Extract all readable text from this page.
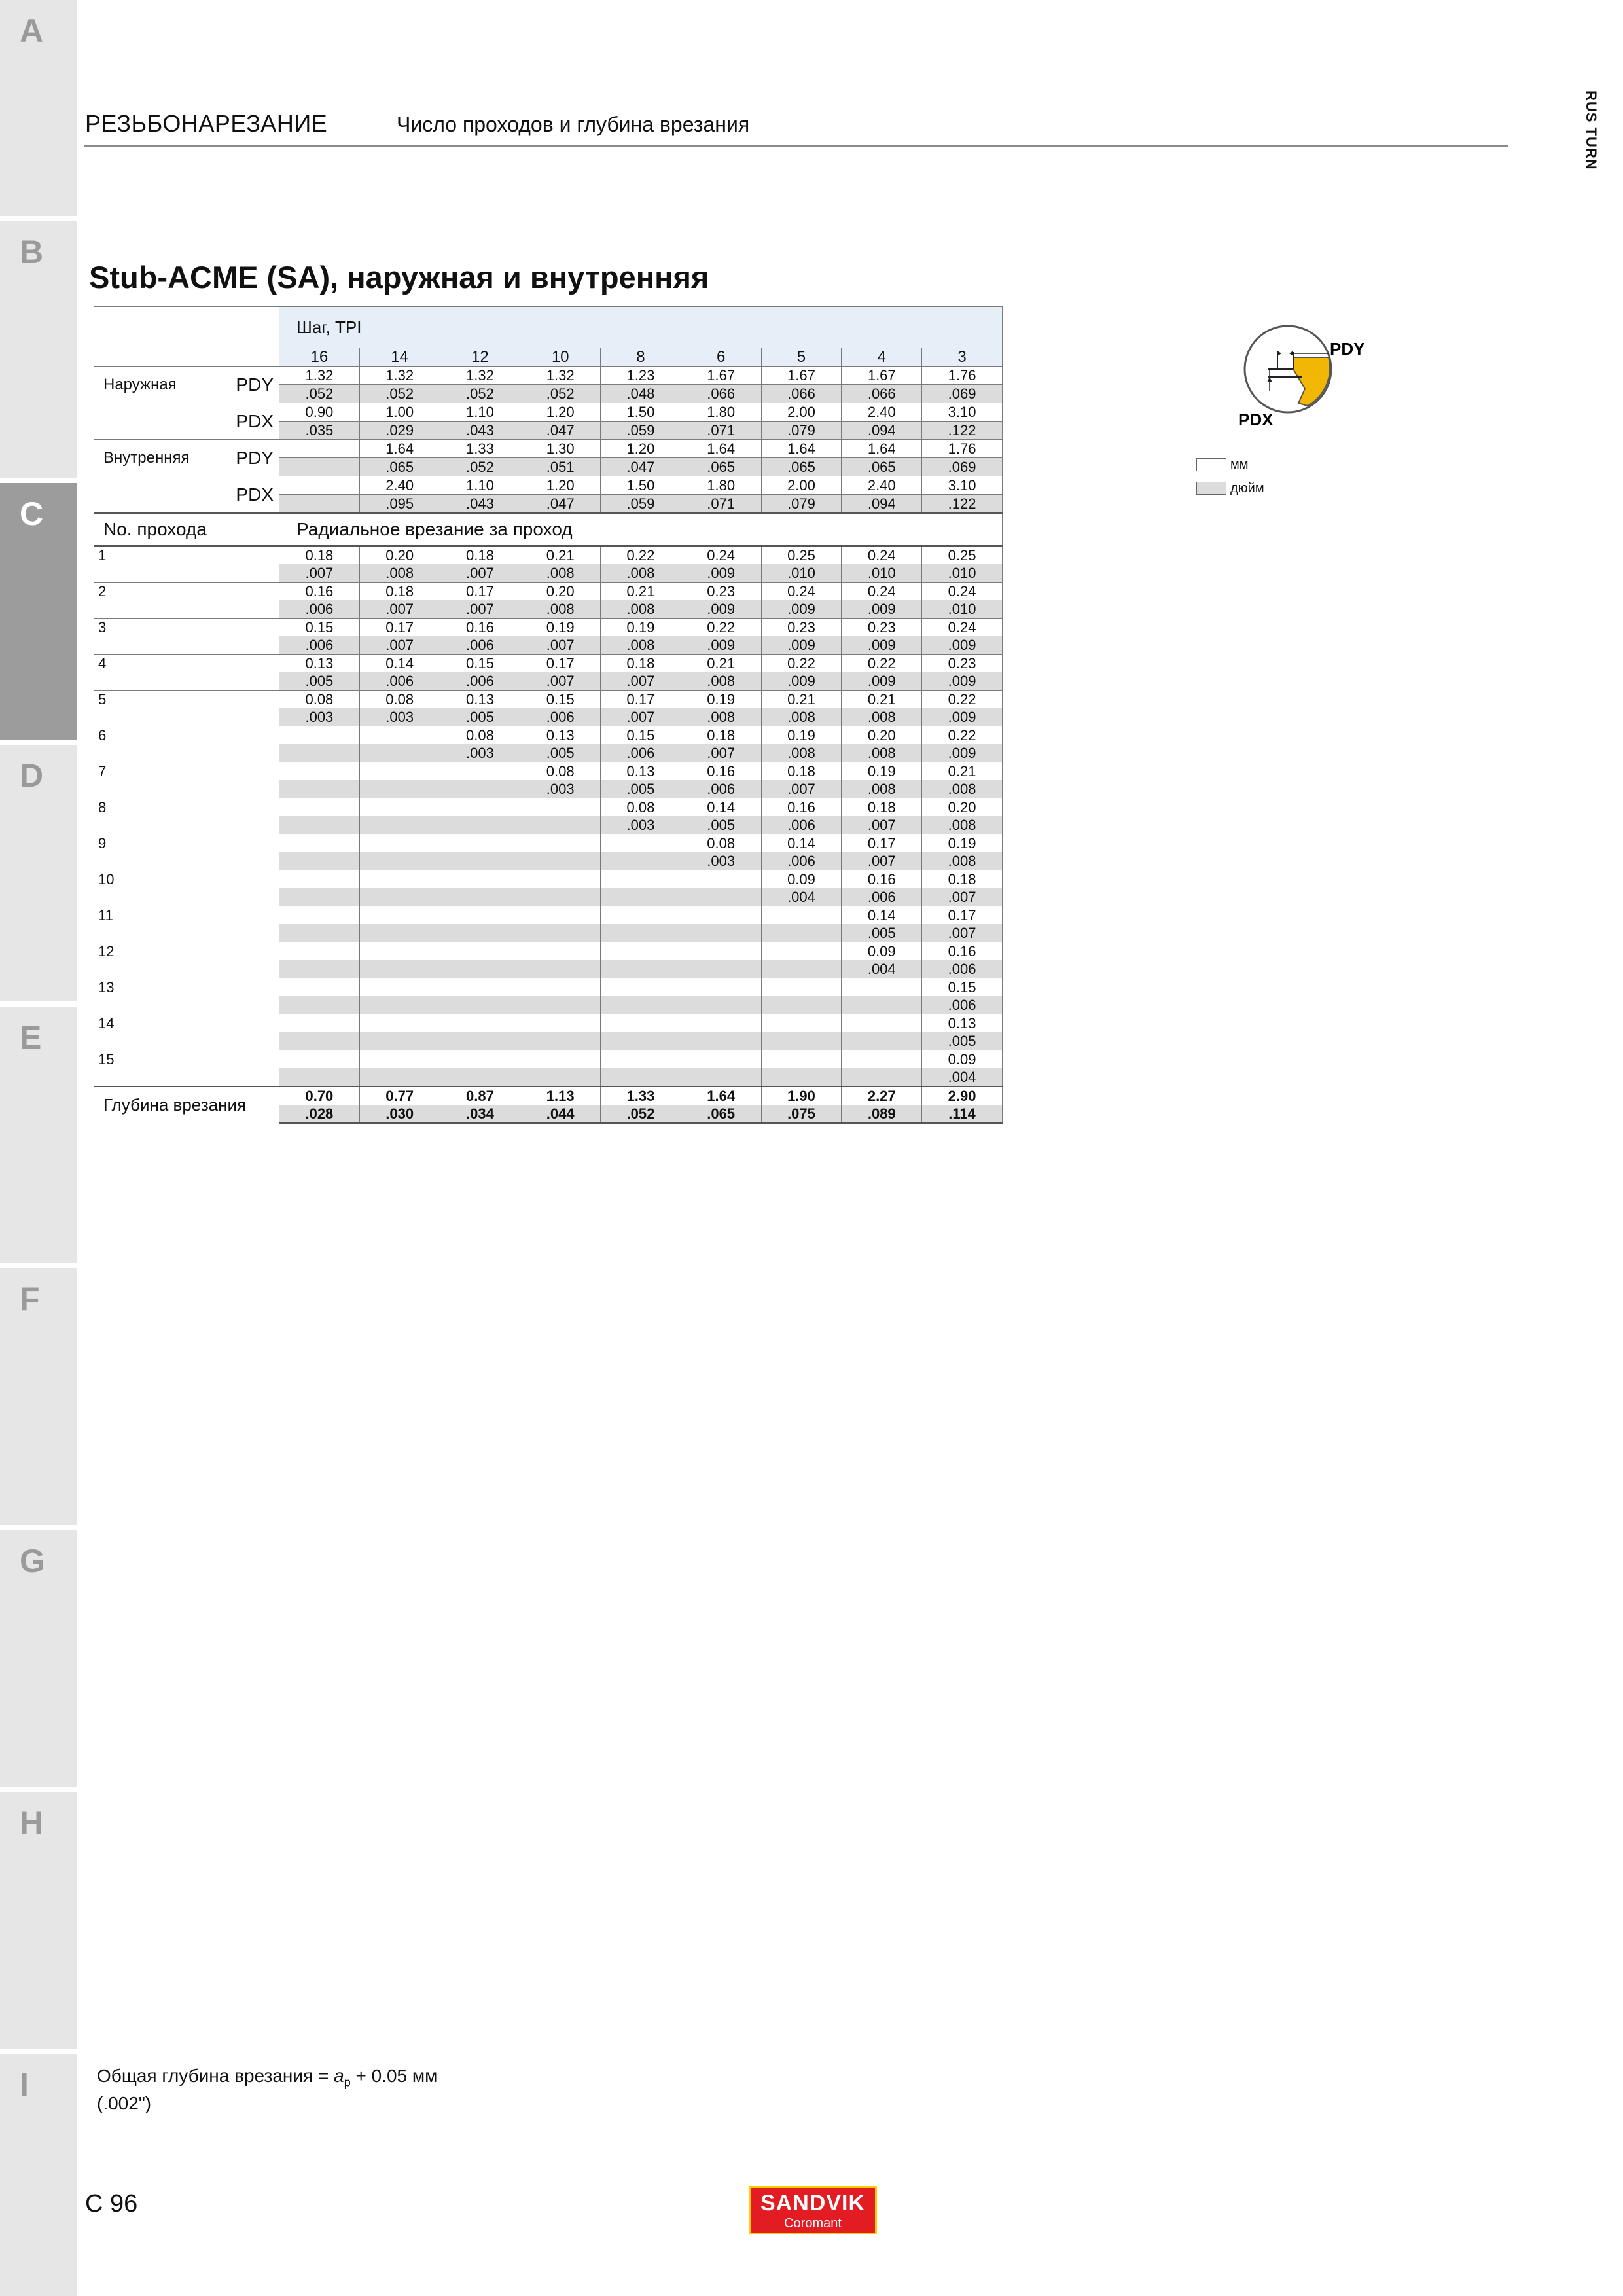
A
B
C
D
E
F
G
H
I
РЕЗЬБОНАРЕЗАНИЕ	Число проходов и глубина врезания	RUS TURN
Stub-ACME (SA), наружная и внутренняя
		Шаг, TPI								
		16	14	12	10	8	6	5	4	3
Наружная	PDY	1.32	1.32	1.32	1.32	1.23	1.67	1.67	1.67	1.76
		.052	.052	.052	.052	.048	.066	.066	.066	.069
	PDX	0.90	1.00	1.10	1.20	1.50	1.80	2.00	2.40	3.10
		.035	.029	.043	.047	.059	.071	.079	.094	.122
Внутренняя	PDY		1.64	1.33	1.30	1.20	1.64	1.64	1.64	1.76
			.065	.052	.051	.047	.065	.065	.065	.069
	PDX		2.40	1.10	1.20	1.50	1.80	2.00	2.40	3.10
			.095	.043	.047	.059	.071	.079	.094	.122
No. прохода		Радиальное врезание за проход								
1		0.18	0.20	0.18	0.21	0.22	0.24	0.25	0.24	0.25
		.007	.008	.007	.008	.008	.009	.010	.010	.010
2		0.16	0.18	0.17	0.20	0.21	0.23	0.24	0.24	0.24
		.006	.007	.007	.008	.008	.009	.009	.009	.010
3		0.15	0.17	0.16	0.19	0.19	0.22	0.23	0.23	0.24
		.006	.007	.006	.007	.008	.009	.009	.009	.009
4		0.13	0.14	0.15	0.17	0.18	0.21	0.22	0.22	0.23
		.005	.006	.006	.007	.007	.008	.009	.009	.009
5		0.08	0.08	0.13	0.15	0.17	0.19	0.21	0.21	0.22
		.003	.003	.005	.006	.007	.008	.008	.008	.009
6				0.08	0.13	0.15	0.18	0.19	0.20	0.22
				.003	.005	.006	.007	.008	.008	.009
7					0.08	0.13	0.16	0.18	0.19	0.21
					.003	.005	.006	.007	.008	.008
8						0.08	0.14	0.16	0.18	0.20
						.003	.005	.006	.007	.008
9							0.08	0.14	0.17	0.19
							.003	.006	.007	.008
10								0.09	0.16	0.18
								.004	.006	.007
11									0.14	0.17
									.005	.007
12									0.09	0.16
									.004	.006
13										0.15
										.006
14										0.13
										.005
15										0.09
										.004
Глубина врезания		0.70	0.77	0.87	1.13	1.33	1.64	1.90	2.27	2.90
		.028	.030	.034	.044	.052	.065	.075	.089	.114
PDY
PDX
мм
дюйм
Общая глубина врезания = $a_p + 0.05$ мм
(.002")
C 96	SANDVIK
Coromant
